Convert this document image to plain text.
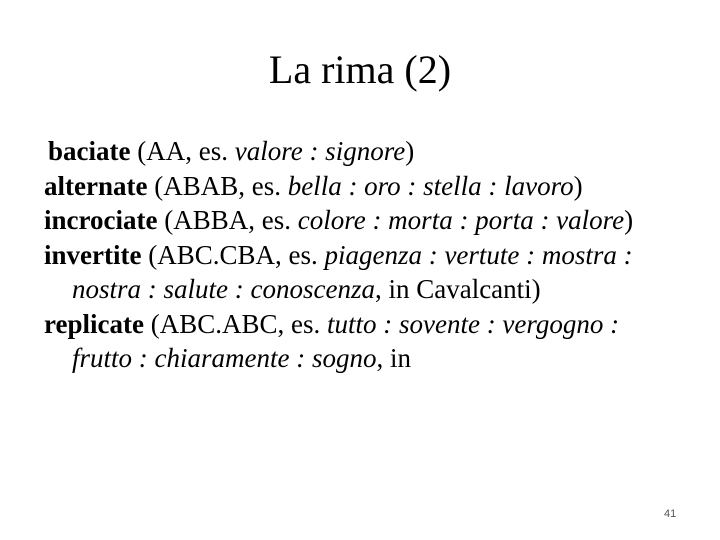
La rima (2)

baciate (AA, es. valore : signore)

alternate (ABAB, es. bella : oro : stella : lavoro)

incrociate (ABBA, es. colore : morta : porta : valore)

invertite (ABC.CBA, es. piagenza : vertute : mostra : nostra : salute : conoscenza, in Cavalcanti)

replicate (ABC.ABC, es. tutto : sovente : vergogno : frutto : chiaramente : sogno, in

41
